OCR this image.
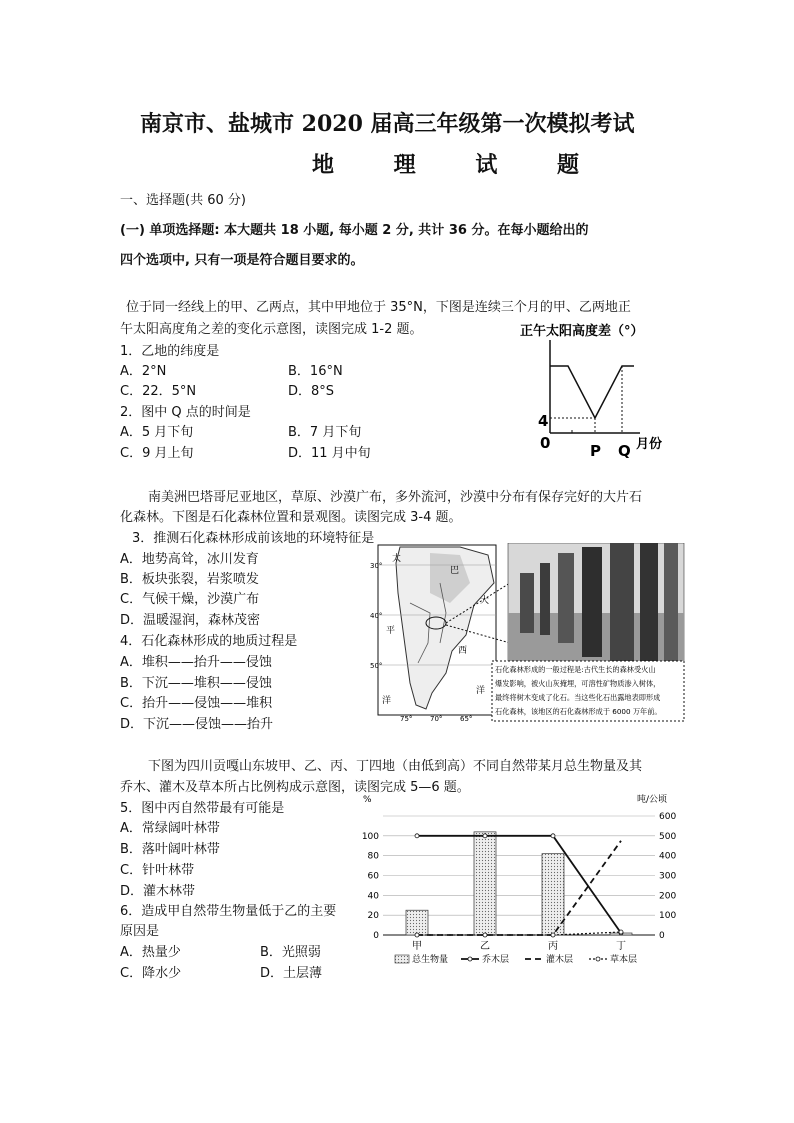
南京市、盐城市 2020 届高三年级第一次模拟考试
地 理 试 题
一、选择题(共 60 分)
(一) 单项选择题: 本大题共 18 小题, 每小题 2 分, 共计 36 分。在每小题给出的
四个选项中, 只有一项是符合题目要求的。
位于同一经线上的甲、乙两点，其中甲地位于 35°N，下图是连续三个月的甲、乙两地正
午太阳高度角之差的变化示意图，读图完成 1-2 题。
1．乙地的纬度是
A．2°N	B．16°N
C．22．5°N	D．8°S
2．图中 Q 点的时间是
A．5 月下旬	B．7 月下旬
C．9 月上旬	D．11 月中旬
正午太阳高度差（°）
4
0	P Q 月份
南美洲巴塔哥尼亚地区，草原、沙漠广布，多外流河，沙漠中分布有保存完好的大片石
化森林。下图是石化森林位置和景观图。读图完成 3-4 题。
3．推测石化森林形成前该地的环境特征是
A．地势高耸，冰川发育
B．板块张裂，岩浆喷发
C．气候干燥，沙漠广布
D．温暖湿润，森林茂密
4．石化森林形成的地质过程是
A．堆积——抬升——侵蚀
B．下沉——堆积——侵蚀
C．抬升——侵蚀——堆积
D．下沉——侵蚀——抬升
30°
40°
50°
75°	70°	65°
太
平
洋
巴
大
西
洋
石化森林形成的一般过程是:古代生长的森林受火山
爆发影响，被火山灰掩埋，可溶性矿物质渗入树体，
最终将树木变成了化石。当这些化石出露地表即形成
石化森林，该地区的石化森林形成于 6000 万年前。
下图为四川贡嘎山东坡甲、乙、丙、丁四地（由低到高）不同自然带某月总生物量及其
乔木、灌木及草本所占比例构成示意图，读图完成 5—6 题。
5．图中丙自然带最有可能是
A．常绿阔叶林带
B．落叶阔叶林带
C．针叶林带
D．灌木林带
6．造成甲自然带生物量低于乙的主要
原因是
A．热量少	B．光照弱
C．降水少	D．土层薄
%	吨/公顷
0
100
200
300
400
500
600
0
20
40
60
80
100
甲	乙	丙	丁
总生物量	乔木层	灌木层	草本层
